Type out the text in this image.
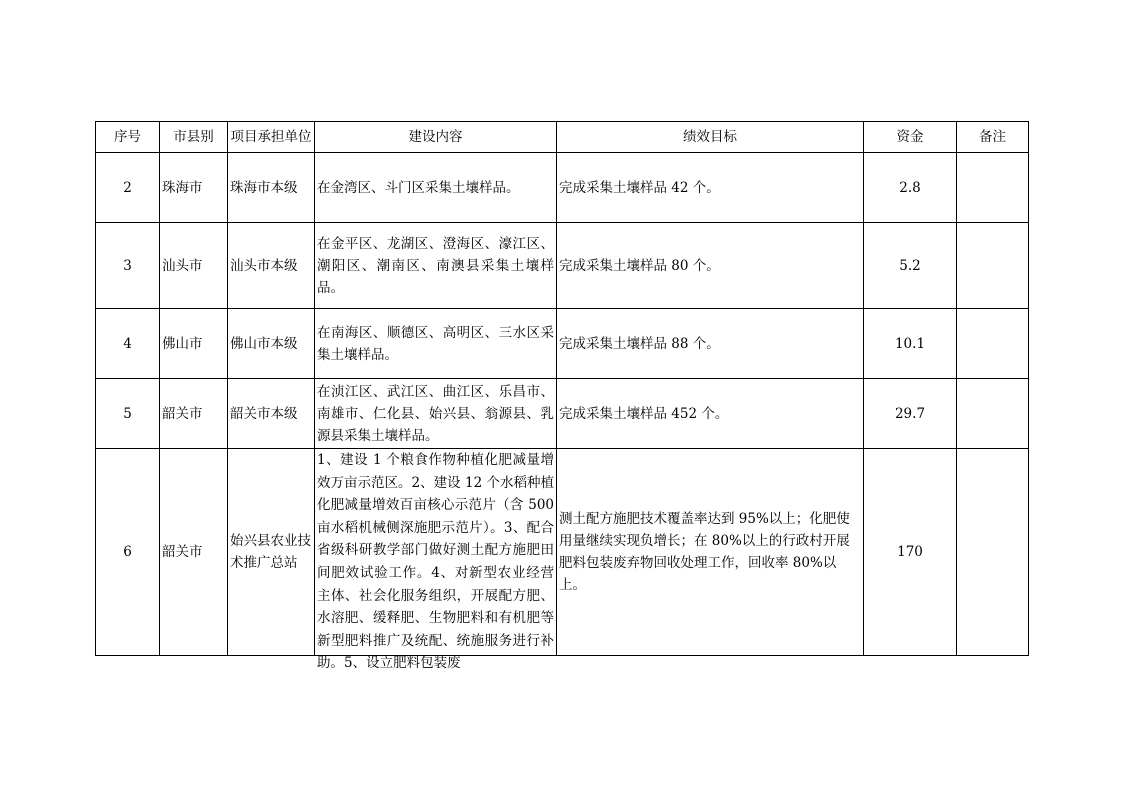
序号	市县别	项目承担单位	建设内容	绩效目标	资金	备注
2	珠海市	珠海市本级	在金湾区、斗门区采集土壤样品。	完成采集土壤样品 42 个。	2.8	
3	汕头市	汕头市本级	在金平区、龙湖区、澄海区、濠江区、潮阳区、潮南区、南澳县采集土壤样品。	完成采集土壤样品 80 个。	5.2	
4	佛山市	佛山市本级	在南海区、顺德区、高明区、三水区采集土壤样品。	完成采集土壤样品 88 个。	10.1	
5	韶关市	韶关市本级	在浈江区、武江区、曲江区、乐昌市、南雄市、仁化县、始兴县、翁源县、乳源县采集土壤样品。	完成采集土壤样品 452 个。	29.7	
6	韶关市	始兴县农业技术推广总站	1、建设 1 个粮食作物种植化肥减量增效万亩示范区。2、建设 12 个水稻种植化肥减量增效百亩核心示范片（含 500 亩水稻机械侧深施肥示范片）。3、配合省级科研教学部门做好测土配方施肥田间肥效试验工作。4、对新型农业经营主体、社会化服务组织，开展配方肥、水溶肥、缓释肥、生物肥料和有机肥等新型肥料推广及统配、统施服务进行补助。5、设立肥料包装废	测土配方施肥技术覆盖率达到 95%以上；化肥使用量继续实现负增长；在 80%以上的行政村开展肥料包装废弃物回收处理工作，回收率 80%以上。	170	
